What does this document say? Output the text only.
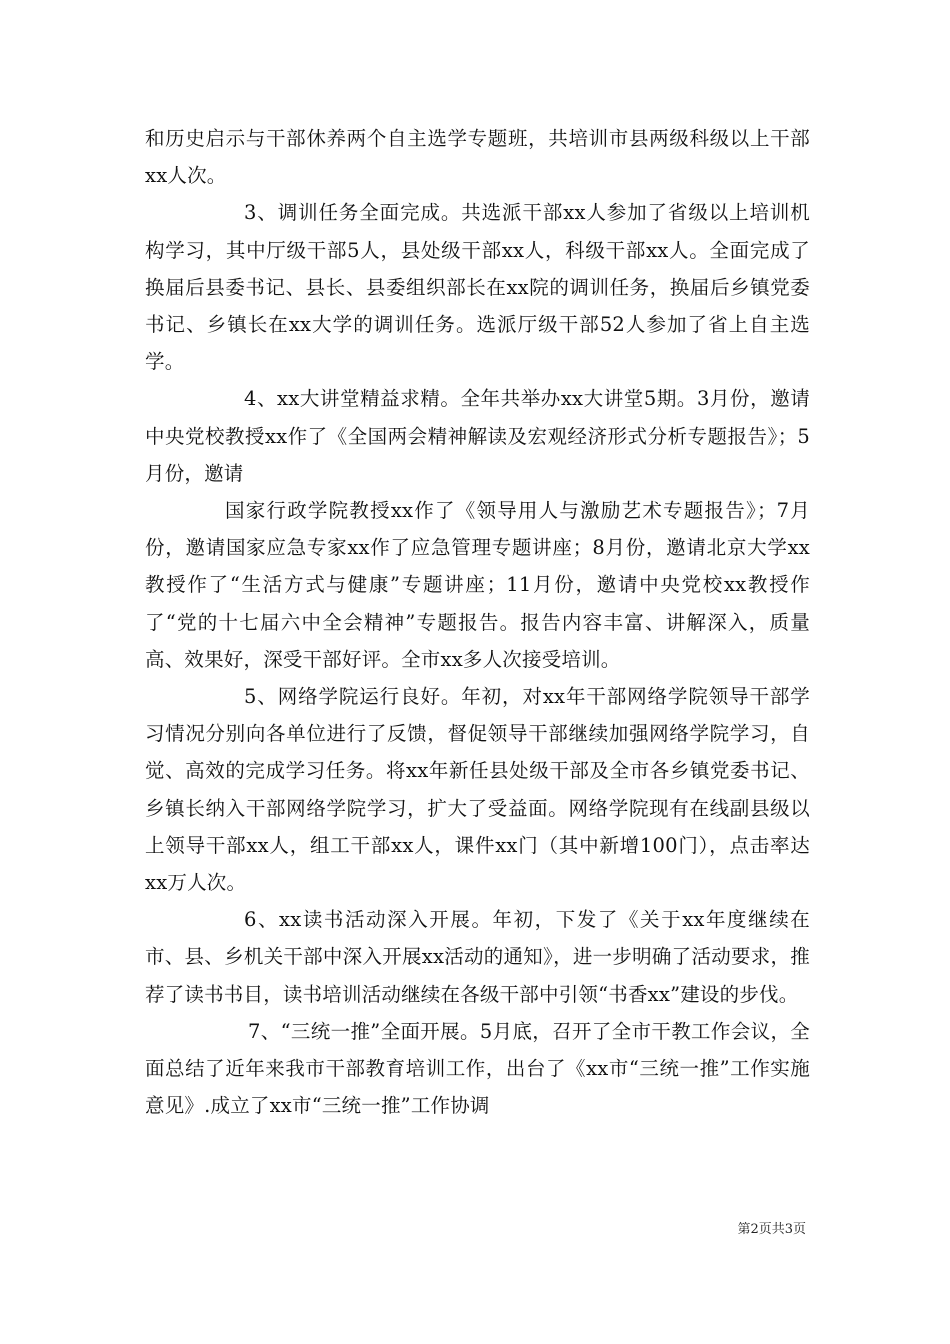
和历史启示与干部休养两个自主选学专题班，共培训市县两级科级以上干部xx人次。

3、调训任务全面完成。共选派干部xx人参加了省级以上培训机构学习，其中厅级干部5人，县处级干部xx人，科级干部xx人。全面完成了换届后县委书记、县长、县委组织部长在xx院的调训任务，换届后乡镇党委书记、乡镇长在xx大学的调训任务。选派厅级干部52人参加了省上自主选学。

4、xx大讲堂精益求精。全年共举办xx大讲堂5期。3月份，邀请中央党校教授xx作了《全国两会精神解读及宏观经济形式分析专题报告》；5月份，邀请

国家行政学院教授xx作了《领导用人与激励艺术专题报告》；7月份，邀请国家应急专家xx作了应急管理专题讲座；8月份，邀请北京大学xx教授作了“生活方式与健康”专题讲座；11月份，邀请中央党校xx教授作了“党的十七届六中全会精神”专题报告。报告内容丰富、讲解深入，质量高、效果好，深受干部好评。全市xx多人次接受培训。

5、网络学院运行良好。年初，对xx年干部网络学院领导干部学习情况分别向各单位进行了反馈，督促领导干部继续加强网络学院学习，自觉、高效的完成学习任务。将xx年新任县处级干部及全市各乡镇党委书记、乡镇长纳入干部网络学院学习，扩大了受益面。网络学院现有在线副县级以上领导干部xx人，组工干部xx人，课件xx门（其中新增100门），点击率达xx万人次。

6、xx读书活动深入开展。年初，下发了《关于xx年度继续在市、县、乡机关干部中深入开展xx活动的通知》，进一步明确了活动要求，推荐了读书书目，读书培训活动继续在各级干部中引领“书香xx”建设的步伐。

7、“三统一推”全面开展。5月底，召开了全市干教工作会议，全面总结了近年来我市干部教育培训工作，出台了《xx市“三统一推”工作实施意见》.成立了xx市“三统一推”工作协调

第2页共3页
